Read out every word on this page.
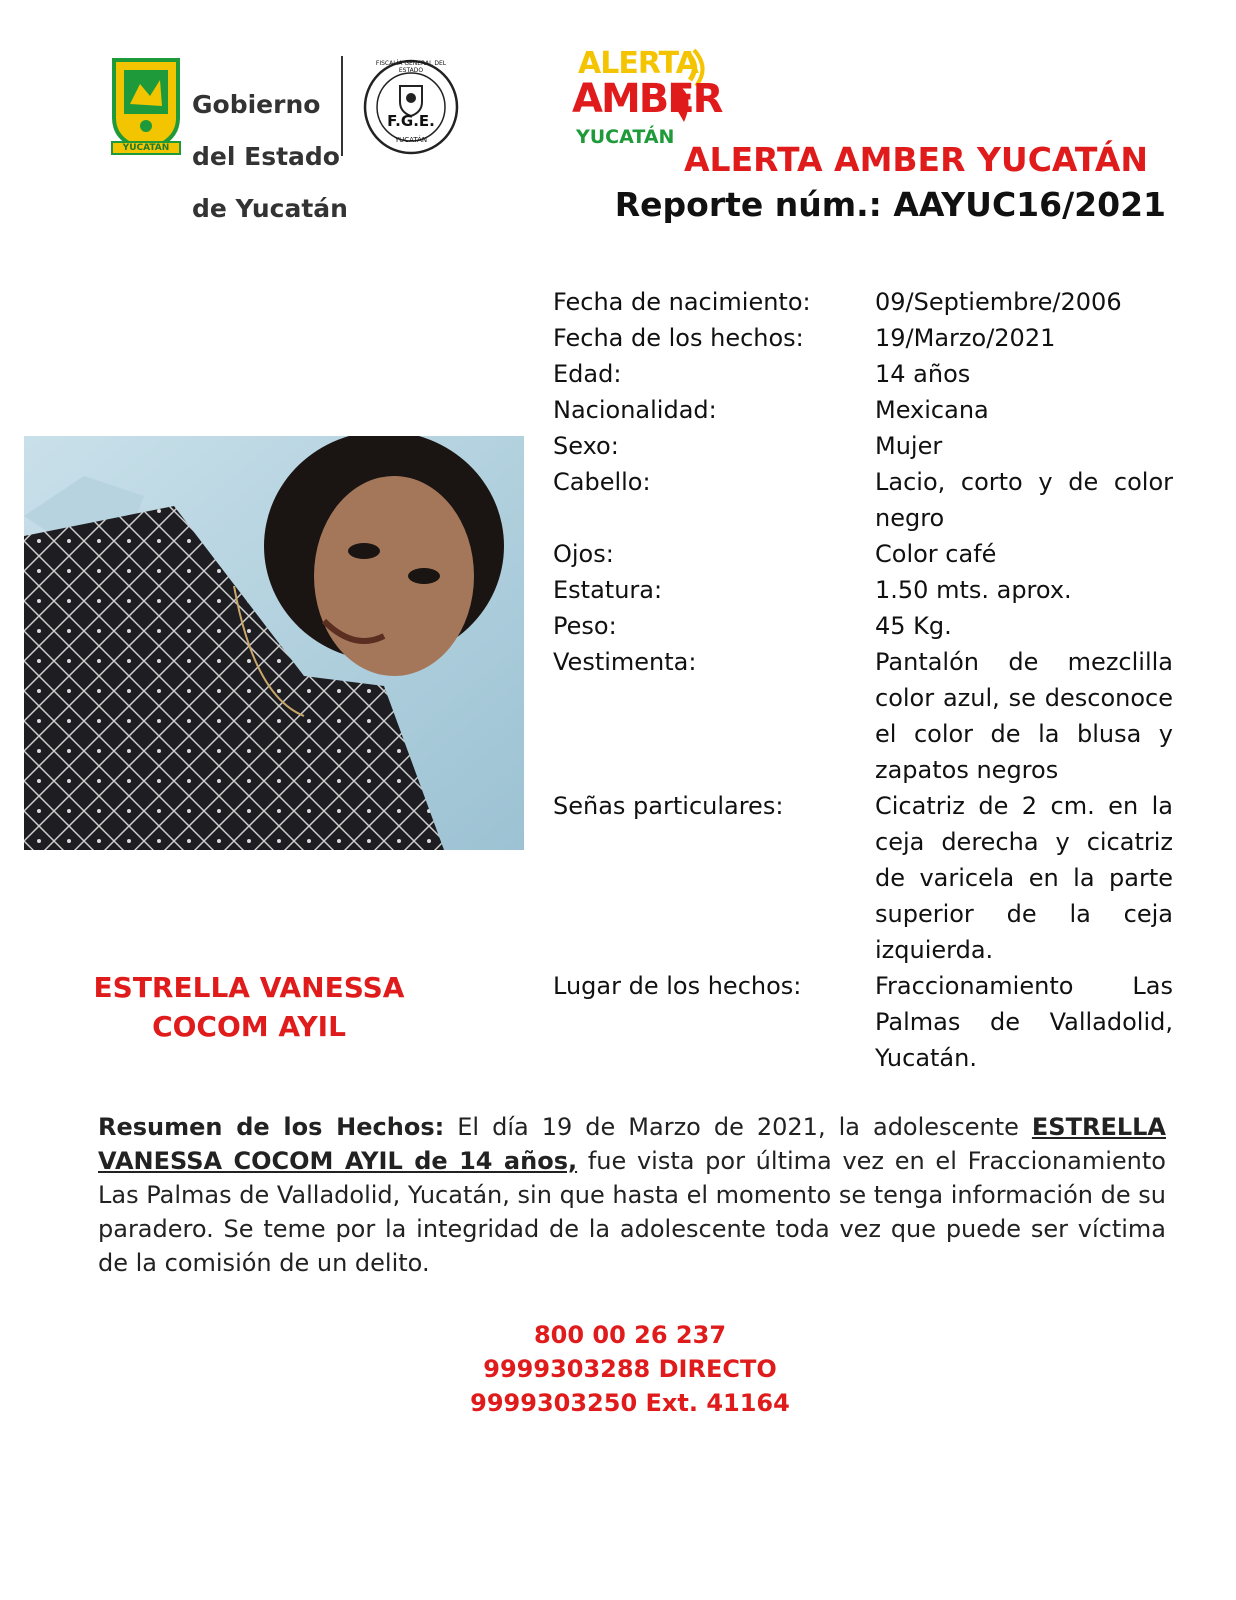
YUCATAN

Gobierno

del Estado

de Yucatán

F.G.E.
YUCATÁN
FISCALÍA GENERAL DEL ESTADO	ALERTA
AMBER
YUCATÁN
ALERTA AMBER YUCATÁN
Reporte núm.: AAYUC16/2021
ESTRELLA VANESSA
COCOM AYIL
Fecha de nacimiento:	09/Septiembre/2006
Fecha de los hechos:	19/Marzo/2021
Edad:	14 años
Nacionalidad:	Mexicana
Sexo:	Mujer
Cabello:	Lacio, corto y de color negro
Ojos:	Color café
Estatura:	1.50 mts. aprox.
Peso:	45 Kg.
Vestimenta:	Pantalón de mezclilla color azul, se desconoce el color de la blusa y zapatos negros
Señas particulares:	Cicatriz de 2 cm. en la ceja derecha y cicatriz de varicela en la parte superior de la ceja izquierda.
Lugar de los hechos:	Fraccionamiento Las Palmas de Valladolid, Yucatán.
Resumen de los Hechos: El día 19 de Marzo de 2021, la adolescente ESTRELLA VANESSA COCOM AYIL de 14 años, fue vista por última vez en el Fraccionamiento Las Palmas de Valladolid, Yucatán, sin que hasta el momento se tenga información de su paradero. Se teme por la integridad de la adolescente toda vez que puede ser víctima de la comisión de un delito.
800 00 26 237
9999303288 DIRECTO
9999303250 Ext. 41164
